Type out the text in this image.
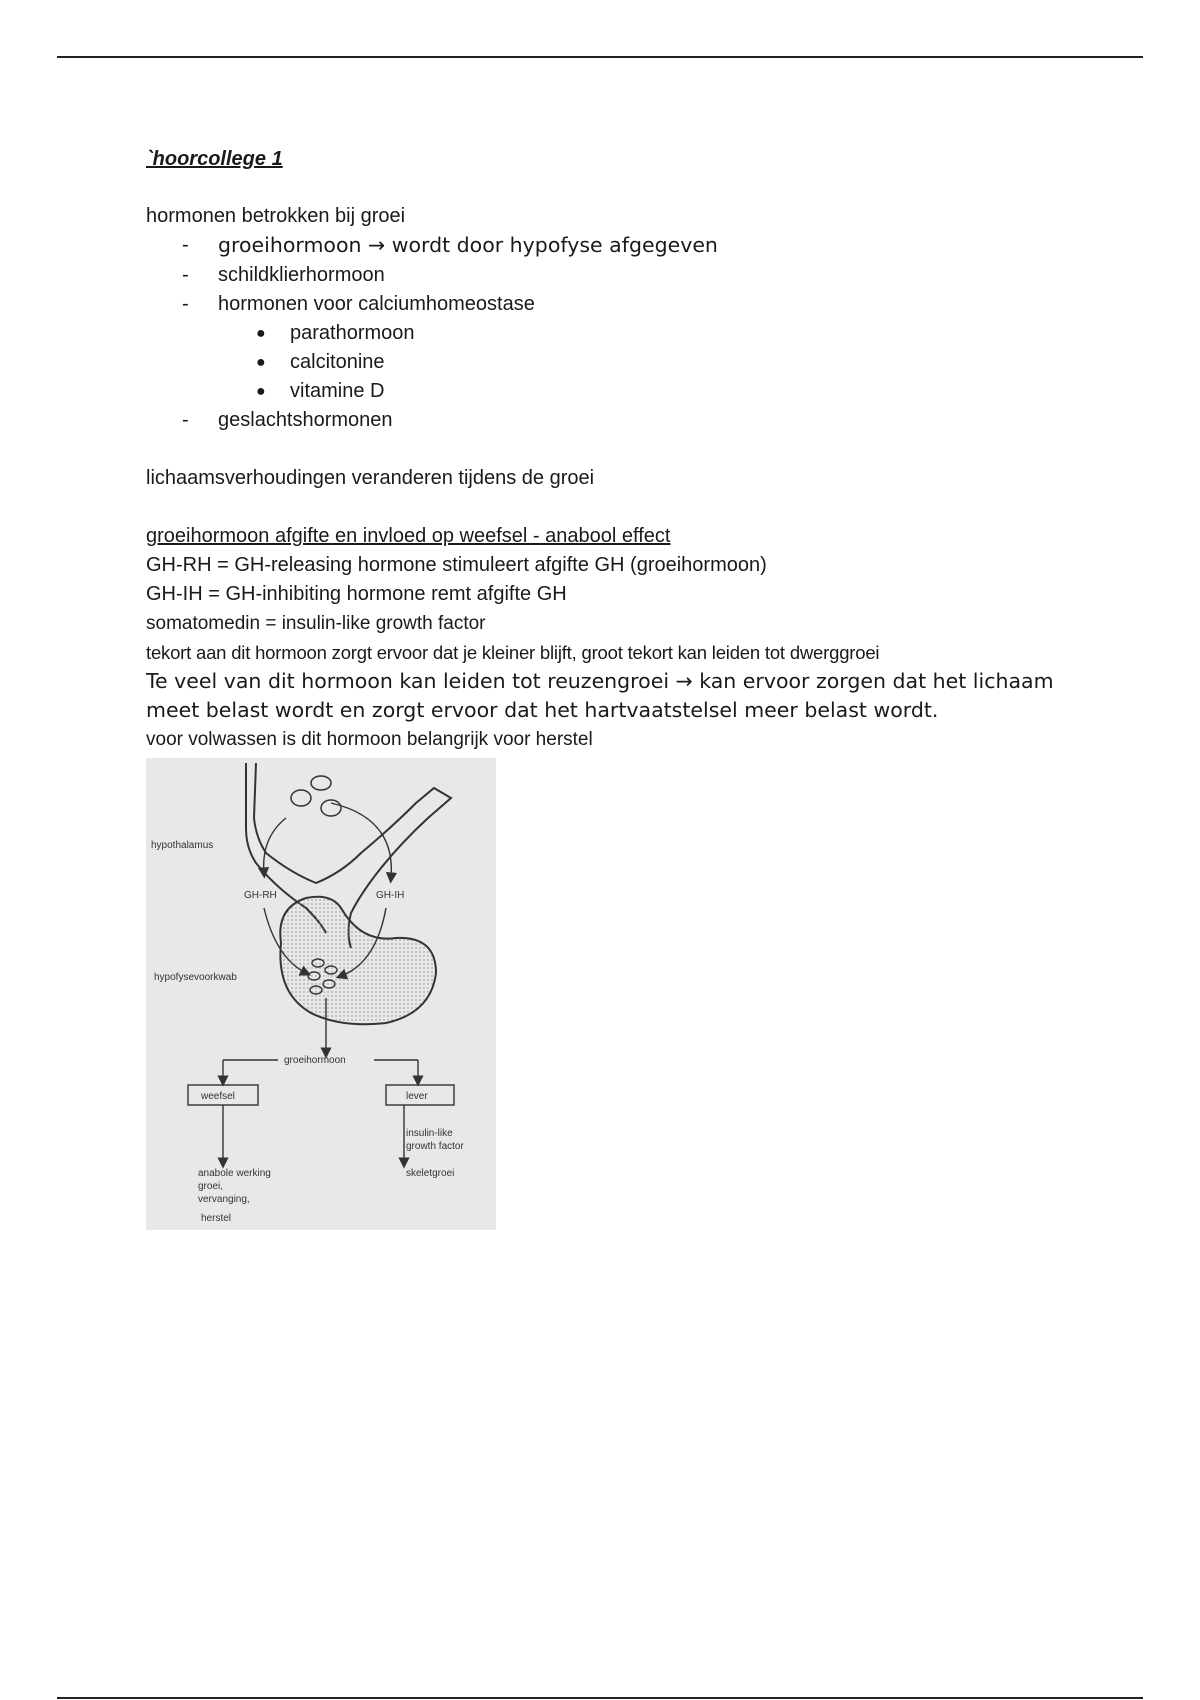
`hoorcollege 1
hormonen betrokken bij groei
- groeihormoon → wordt door hypofyse afgegeven
- schildklierhormoon
- hormonen voor calciumhomeostase
● parathormoon
● calcitonine
● vitamine D
- geslachtshormonen
lichaamsverhoudingen veranderen tijdens de groei
groeihormoon afgifte en invloed op weefsel - anabool effect
GH-RH = GH-releasing hormone stimuleert afgifte GH (groeihormoon)
GH-IH = GH-inhibiting hormone remt afgifte GH
somatomedin = insulin-like growth factor
tekort aan dit hormoon zorgt ervoor dat je kleiner blijft, groot tekort kan leiden tot dwerggroei
Te veel van dit hormoon kan leiden tot reuzengroei → kan ervoor zorgen dat het lichaam meet belast wordt en zorgt ervoor dat het hartvaatstelsel meer belast wordt.
voor volwassen is dit hormoon belangrijk voor herstel
hypothalamus
GH-RH	GH-IH
hypofysevoorkwab
groeihormoon
weefsel	lever
insulin-like
growth factor
skeletgroei
anabole werking
groei,
vervanging,
herstel
